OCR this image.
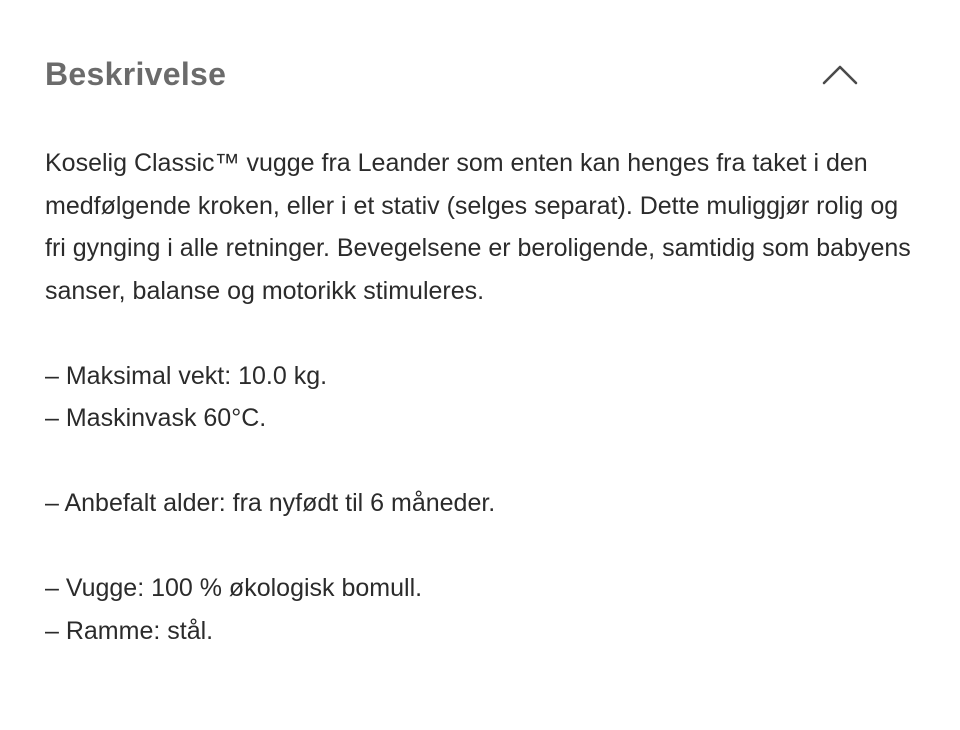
Beskrivelse

Koselig Classic™ vugge fra Leander som enten kan henges fra taket i den medfølgende kroken, eller i et stativ (selges separat). Dette muliggjør rolig og fri gynging i alle retninger. Bevegelsene er beroligende, samtidig som babyens sanser, balanse og motorikk stimuleres.

– Maksimal vekt: 10.0 kg.
– Maskinvask 60°C.
– Anbefalt alder: fra nyfødt til 6 måneder.
– Vugge: 100 % økologisk bomull.
– Ramme: stål.
